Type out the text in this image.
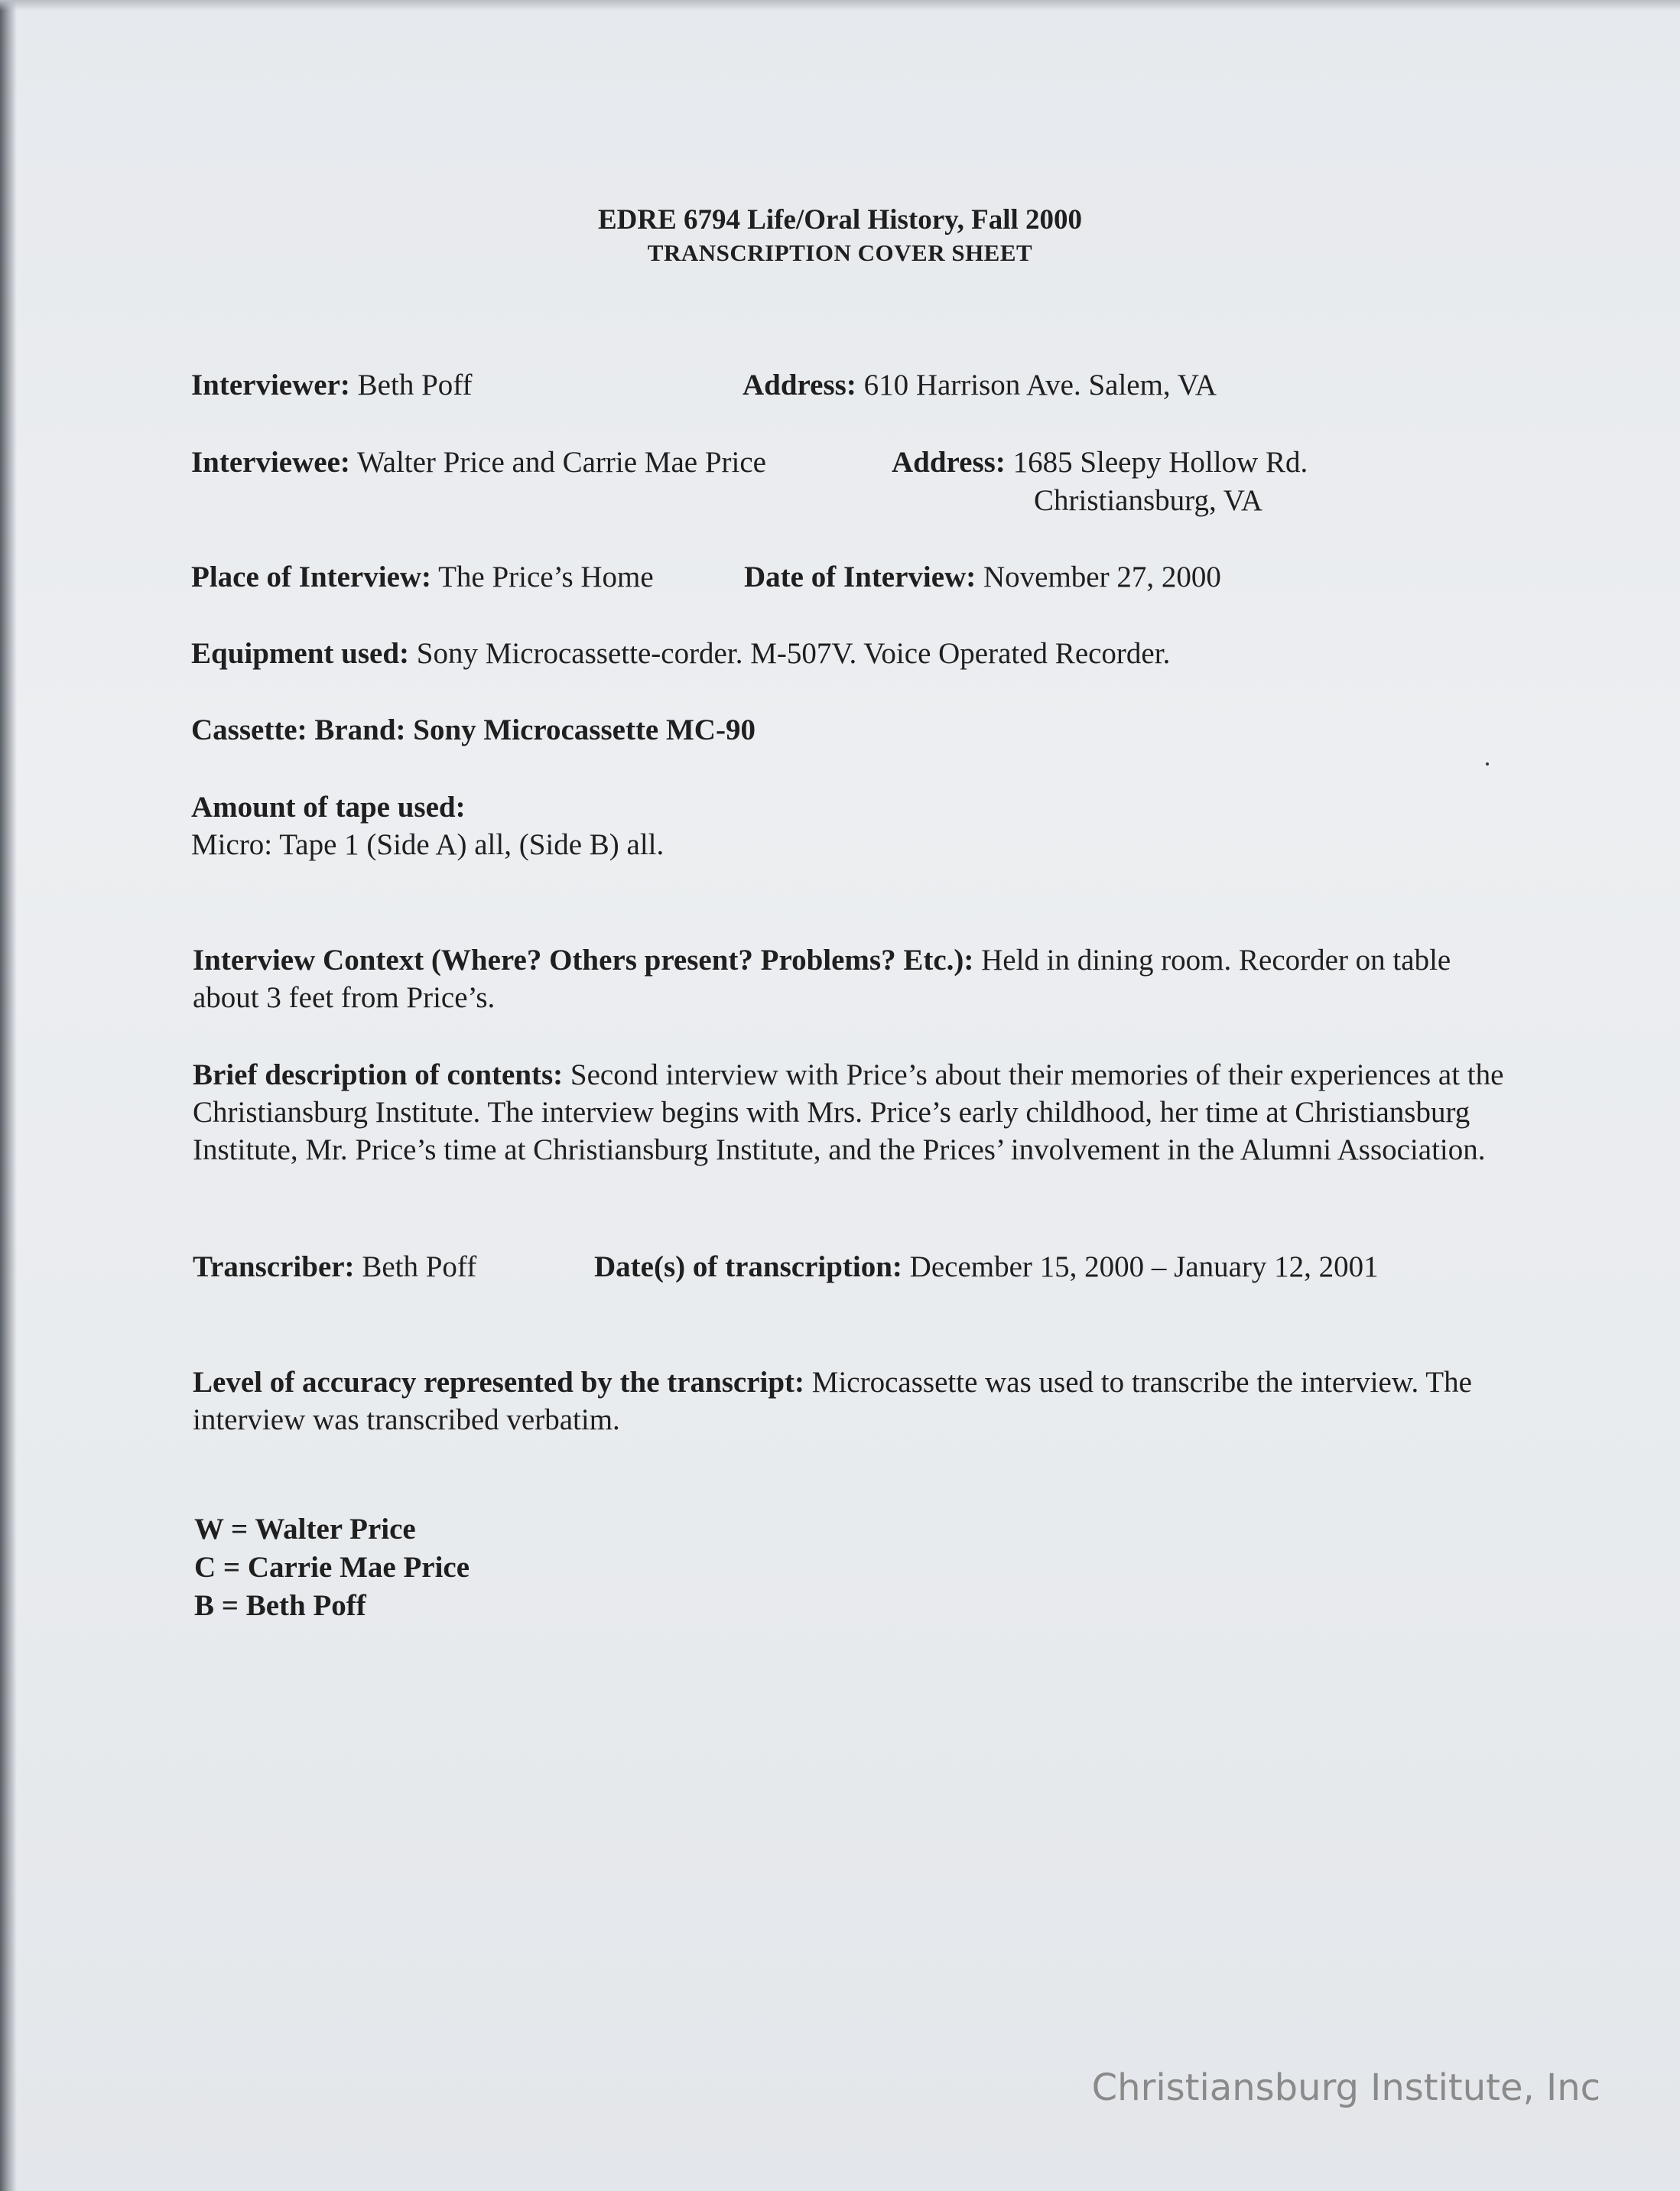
EDRE 6794 Life/Oral History, Fall 2000
TRANSCRIPTION COVER SHEET
Interviewer: Beth Poff	Address: 610 Harrison Ave. Salem, VA
Interviewee: Walter Price and Carrie Mae Price	Address: 1685 Sleepy Hollow Rd.
Christiansburg, VA
Place of Interview: The Price’s Home	Date of Interview: November 27, 2000
Equipment used: Sony Microcassette-corder. M-507V. Voice Operated Recorder.
Cassette: Brand: Sony Microcassette MC-90
Amount of tape used:
Micro: Tape 1 (Side A) all, (Side B) all.
Interview Context (Where? Others present? Problems? Etc.): Held in dining room. Recorder on table about 3 feet from Price’s.
Brief description of contents: Second interview with Price’s about their memories of their experiences at the Christiansburg Institute. The interview begins with Mrs. Price’s early childhood, her time at Christiansburg Institute, Mr. Price’s time at Christiansburg Institute, and the Prices’ involvement in the Alumni Association.
Transcriber: Beth Poff	Date(s) of transcription: December 15, 2000 – January 12, 2001
Level of accuracy represented by the transcript: Microcassette was used to transcribe the interview. The interview was transcribed verbatim.
W = Walter Price
C = Carrie Mae Price
B = Beth Poff
Christiansburg Institute, Inc
